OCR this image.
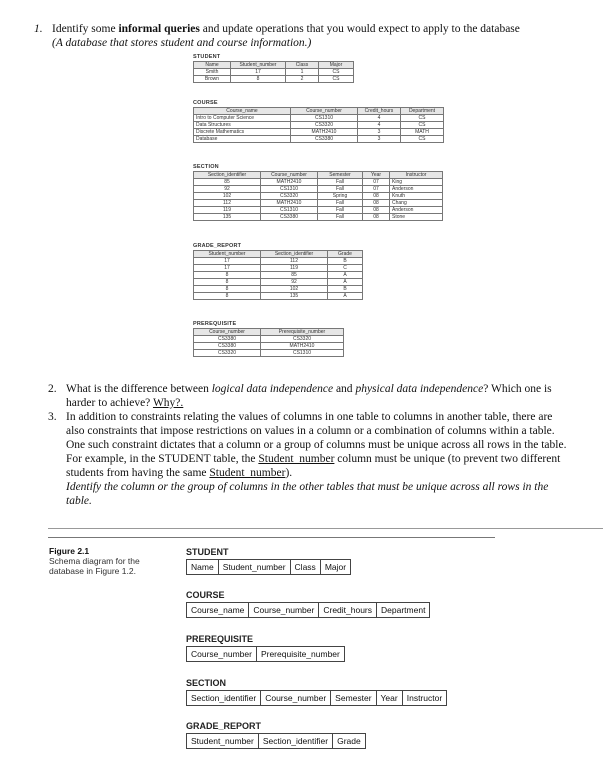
1. Identify some informal queries and update operations that you would expect to apply to the database
(A database that stores student and course information.)
STUDENT
Name	Student_number	Class	Major
Smith	17	1	CS
Brown	8	2	CS
COURSE
Course_name	Course_number	Credit_hours	Department
Intro to Computer Science	CS1310	4	CS
Data Structures	CS3320	4	CS
Discrete Mathematics	MATH2410	3	MATH
Database	CS3380	3	CS
SECTION
Section_identifier	Course_number	Semester	Year	Instructor
85	MATH2410	Fall	07	King
92	CS1310	Fall	07	Anderson
102	CS3320	Spring	08	Knuth
112	MATH2410	Fall	08	Chang
119	CS1310	Fall	08	Anderson
135	CS3380	Fall	08	Stone
GRADE_REPORT
Student_number	Section_identifier	Grade
17	112	B
17	119	C
8	85	A
8	92	A
8	102	B
8	135	A
PREREQUISITE
Course_number	Prerequisite_number
CS3380	CS3320
CS3380	MATH2410
CS3320	CS1310
2. What is the difference between logical data independence and physical data independence? Which one is harder to achieve? Why?.
3. In addition to constraints relating the values of columns in one table to columns in another table, there are also constraints that impose restrictions on values in a column or a combination of columns within a table. One such constraint dictates that a column or a group of columns must be unique across all rows in the table. For example, in the STUDENT table, the Student_number column must be unique (to prevent two different students from having the same Student_number).
Identify the column or the group of columns in the other tables that must be unique across all rows in the table.
Figure 2.1
Schema diagram for the database in Figure 1.2.
STUDENT
Name	Student_number	Class	Major
COURSE
Course_name	Course_number	Credit_hours	Department
PREREQUISITE
Course_number	Prerequisite_number
SECTION
Section_identifier	Course_number	Semester	Year	Instructor
GRADE_REPORT
Student_number	Section_identifier	Grade
